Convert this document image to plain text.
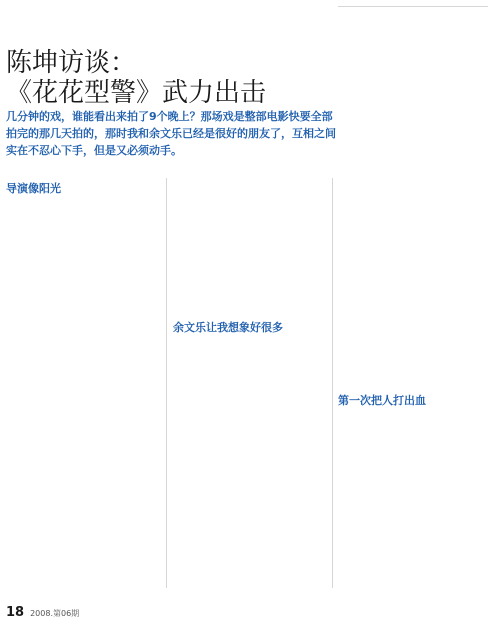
陈坤访谈：
《花花型警》武力出击

几分钟的戏，谁能看出来拍了9个晚上？那场戏是整部电影快要全部拍完的那几天拍的，那时我和余文乐已经是很好的朋友了，互相之间实在不忍心下手，但是又必须动手。

导演像阳光
余文乐让我想象好很多
第一次把人打出血
18 2008.第06期
